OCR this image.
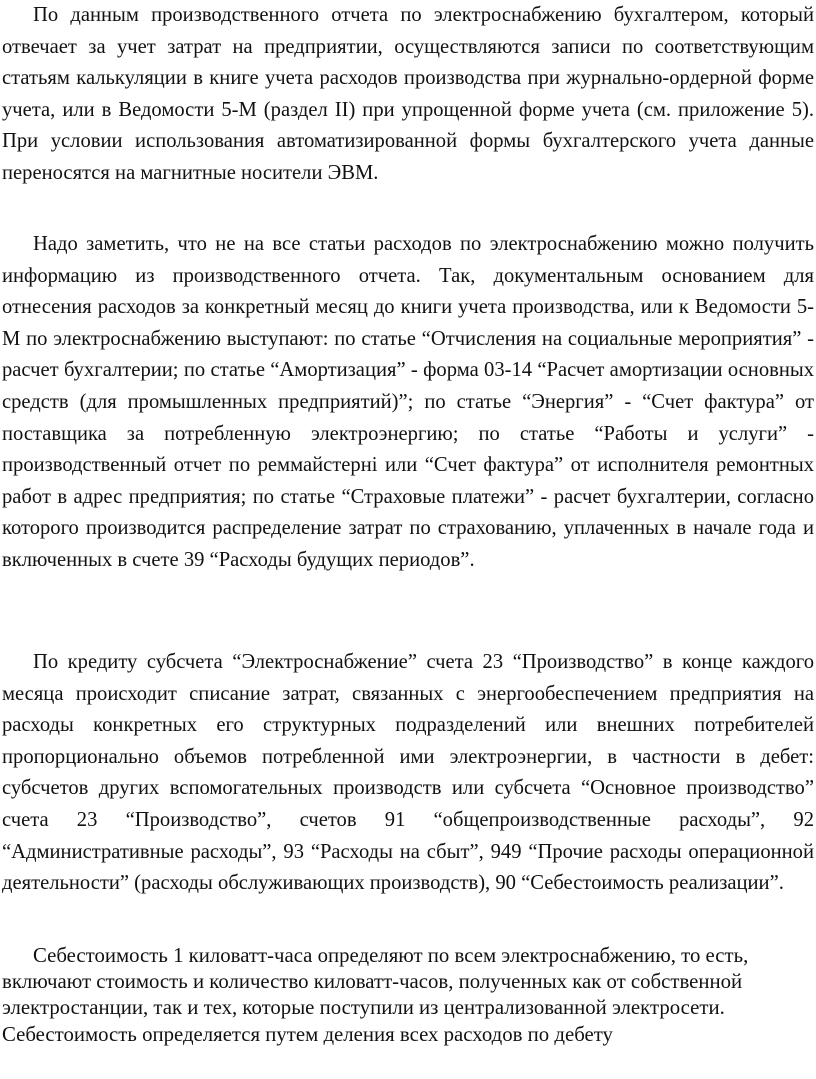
По данным производственного отчета по электроснабжению бухгалтером, который отвечает за учет затрат на предприятии, осуществляются записи по соответствующим статьям калькуляции в книге учета расходов производства при журнально-ордерной форме учета, или в Ведомости 5-М (раздел II) при упрощенной форме учета (см. приложение 5). При условии использования автоматизированной формы бухгалтерского учета данные переносятся на магнитные носители ЭВМ.

Надо заметить, что не на все статьи расходов по электроснабжению можно получить информацию из производственного отчета. Так, документальным основанием для отнесения расходов за конкретный месяц до книги учета производства, или к Ведомости 5-М по электроснабжению выступают: по статье “Отчисления на социальные мероприятия” - расчет бухгалтерии; по статье “Амортизация” - форма 03-14 “Расчет амортизации основных средств (для промышленных предприятий)”; по статье “Энергия” - “Счет фактура” от поставщика за потребленную электроэнергию; по статье “Работы и услуги” - производственный отчет по реммайстерні или “Счет фактура” от исполнителя ремонтных работ в адрес предприятия; по статье “Страховые платежи” - расчет бухгалтерии, согласно которого производится распределение затрат по страхованию, уплаченных в начале года и включенных в счете 39 “Расходы будущих периодов”.

По кредиту субсчета “Электроснабжение” счета 23 “Производство” в конце каждого месяца происходит списание затрат, связанных с энергообеспечением предприятия на расходы конкретных его структурных подразделений или внешних потребителей пропорционально объемов потребленной ими электроэнергии, в частности в дебет: субсчетов других вспомогательных производств или субсчета “Основное производство” счета 23 “Производство”, счетов 91 “общепроизводственные расходы”, 92 “Административные расходы”, 93 “Расходы на сбыт”, 949 “Прочие расходы операционной деятельности” (расходы обслуживающих производств), 90 “Себестоимость реализации”.

Себестоимость 1 киловатт-часа определяют по всем электроснабжению, то есть, включают стоимость и количество киловатт-часов, полученных как от собственной электростанции, так и тех, которые поступили из централизованной электросети. Себестоимость определяется путем деления всех расходов по дебету
